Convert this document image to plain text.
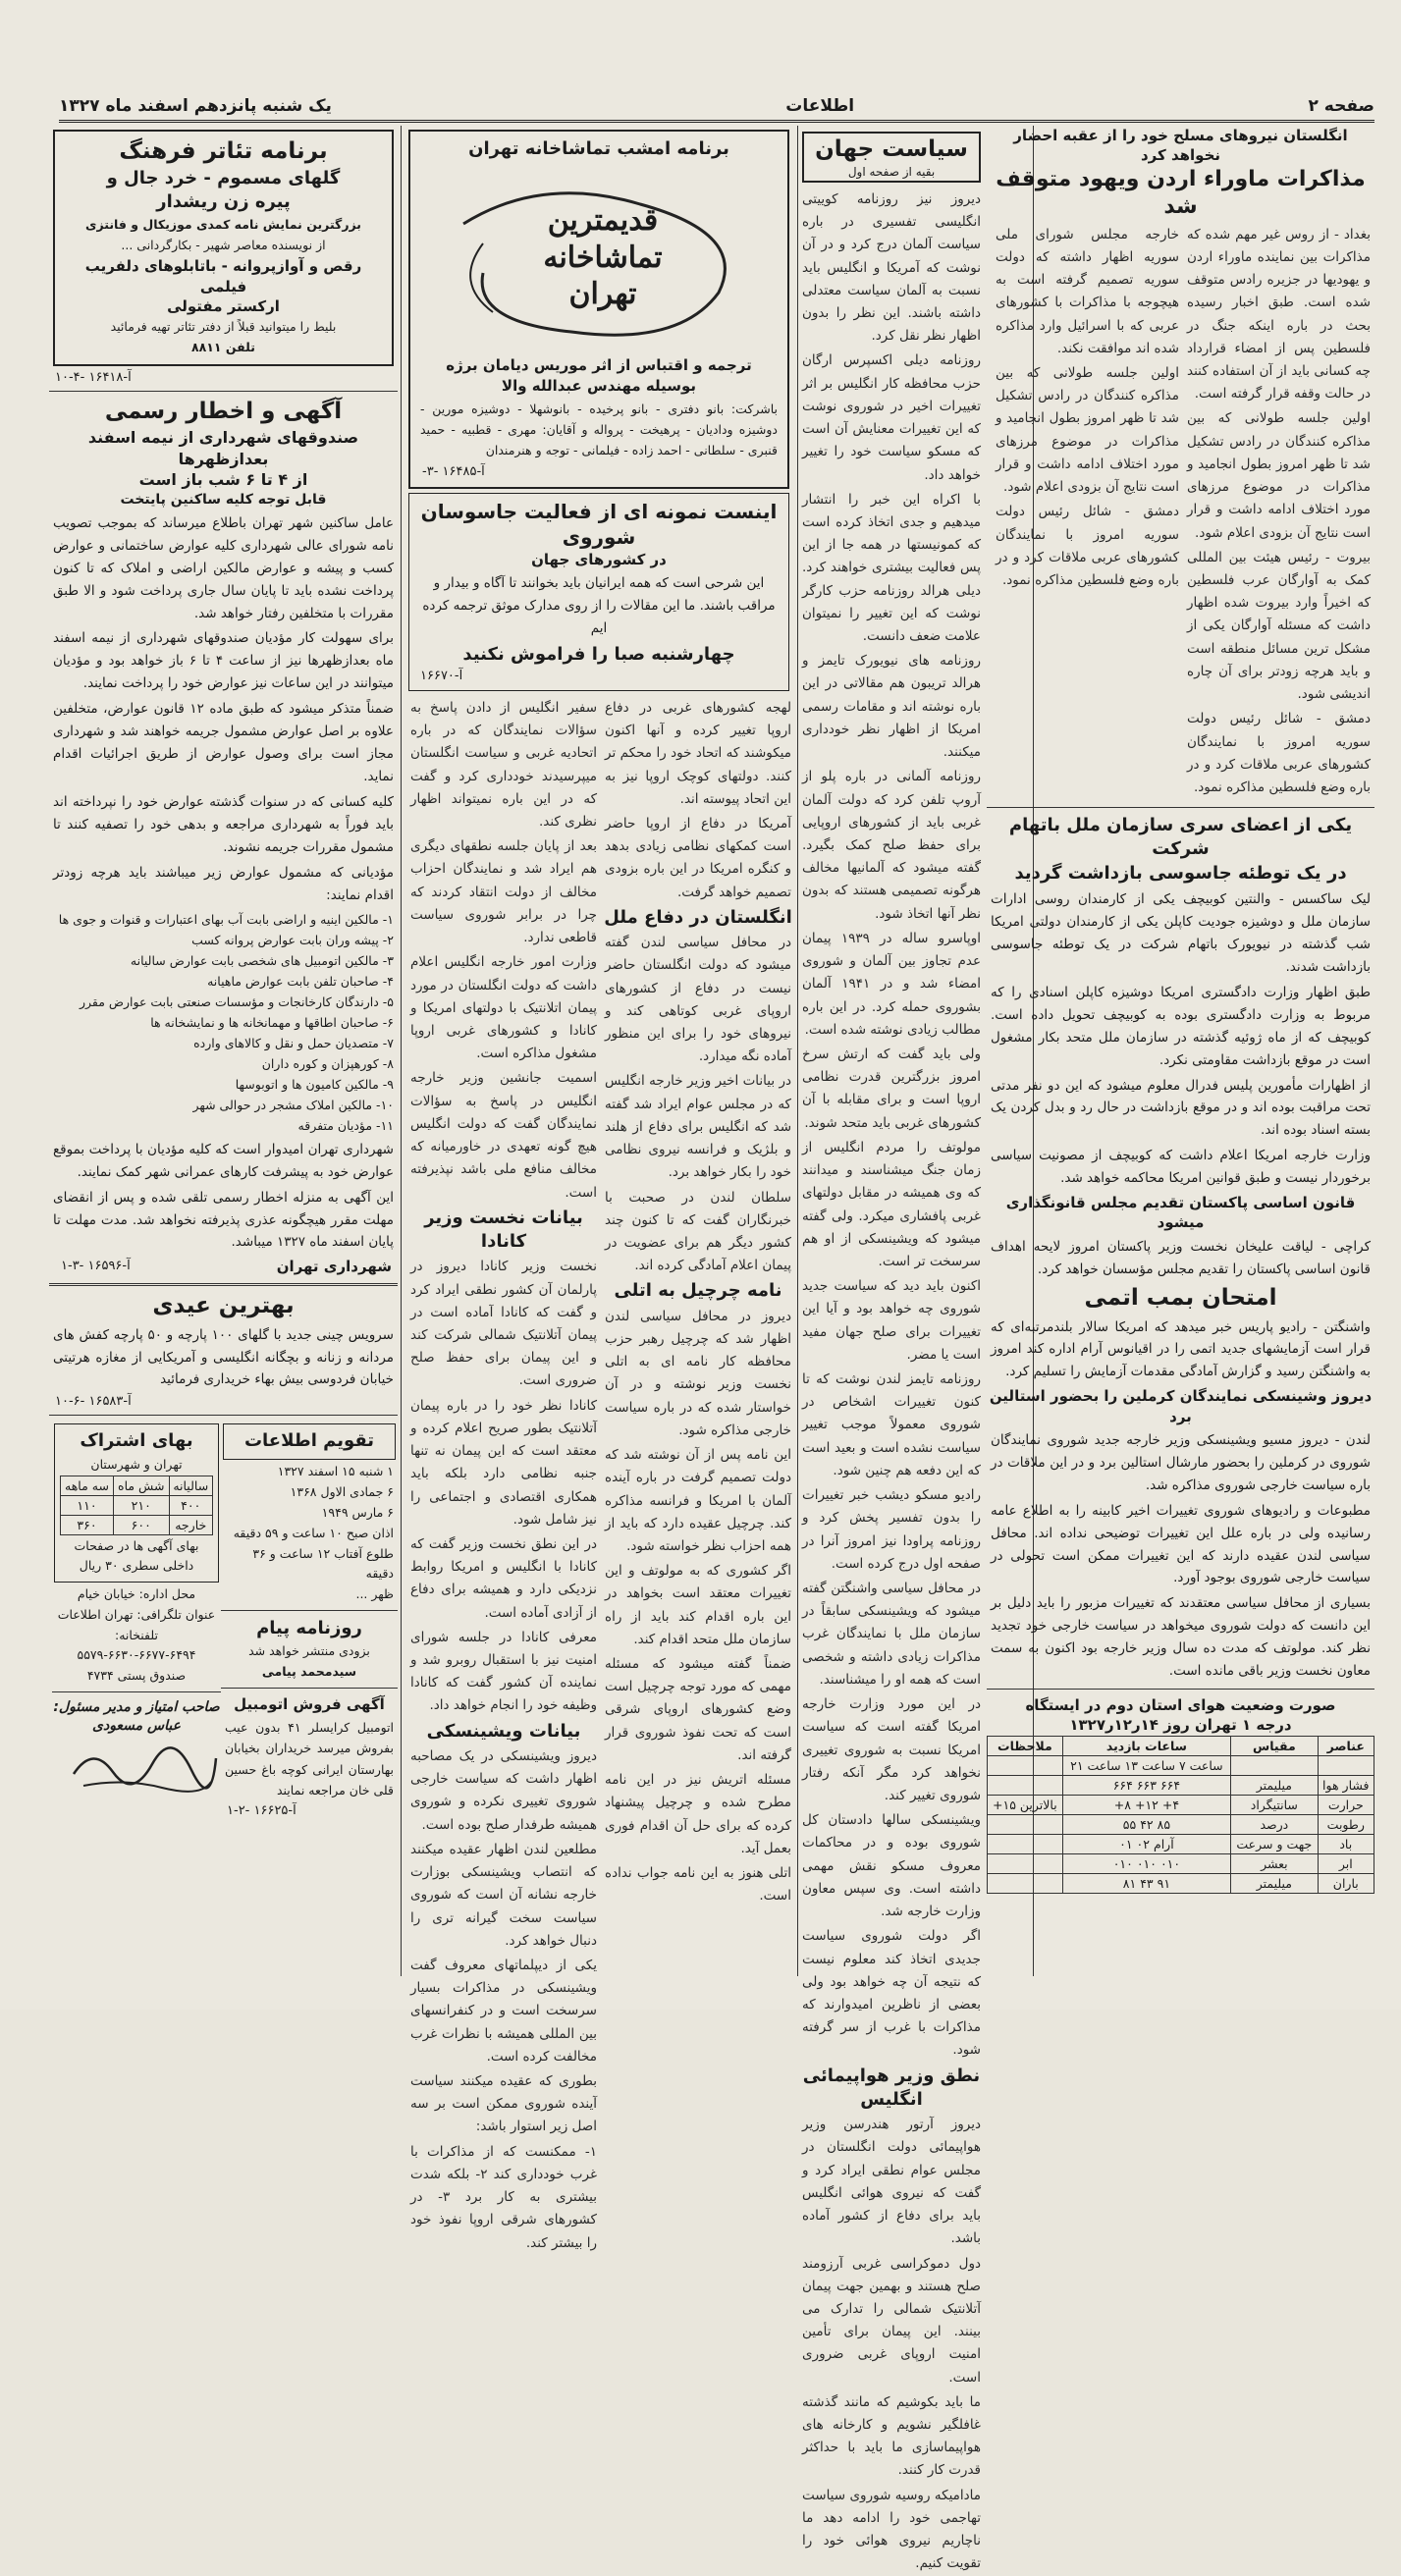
صفحه ۲
اطلاعات
یک شنبه پانزدهم اسفند ماه ۱۳۲۷
انگلستان نیروهای مسلح خود را از عقبه احضار نخواهد کرد
مذاکرات ماوراء اردن ویهود متوقف شد

بغداد - از روس غیر مهم شده که مذاکرات بین نماینده ماوراء اردن و یهودیها در جزیره رادس متوقف شده است. طبق اخبار رسیده بحث در باره اینکه جنگ در فلسطین پس از امضاء قرارداد چه کسانی باید از آن استفاده کنند در حالت وقفه قرار گرفته است.

اولین جلسه طولانی که بین مذاکره کنندگان در رادس تشکیل شد تا ظهر امروز بطول انجامید و مذاکرات در موضوع مرزهای مورد اختلاف ادامه داشت و قرار است نتایج آن بزودی اعلام شود.

بیروت - رئیس هیئت بین المللی کمک به آوارگان عرب فلسطین که اخیراً وارد بیروت شده اظهار داشت که مسئله آوارگان یکی از مشکل ترین مسائل منطقه است و باید هرچه زودتر برای آن چاره اندیشی شود.

دمشق - شائل رئیس دولت سوریه امروز با نمایندگان کشورهای عربی ملاقات کرد و در باره وضع فلسطین مذاکره نمود.

خارجه مجلس شورای ملی سوریه اظهار داشته که دولت سوریه تصمیم گرفته است به هیچوجه با مذاکرات با کشورهای عربی که با اسرائیل وارد مذاکره شده اند موافقت نکند.

اولین جلسه طولانی که بین مذاکره کنندگان در رادس تشکیل شد تا ظهر امروز بطول انجامید و مذاکرات در موضوع مرزهای مورد اختلاف ادامه داشت و قرار است نتایج آن بزودی اعلام شود.

دمشق - شائل رئیس دولت سوریه امروز با نمایندگان کشورهای عربی ملاقات کرد و در باره وضع فلسطین مذاکره نمود.

یکی از اعضای سری سازمان ملل باتهام شرکت
در یک توطئه جاسوسی بازداشت گردید

لیک ساکسس - والنتین کوبیچف یکی از کارمندان روسی ادارات سازمان ملل و دوشیزه جودیت کاپلن یکی از کارمندان دولتی امریکا شب گذشته در نیویورک باتهام شرکت در یک توطئه جاسوسی بازداشت شدند.

طبق اظهار وزارت دادگستری امریکا دوشیزه کاپلن اسنادی را که مربوط به وزارت دادگستری بوده به کوبیچف تحویل داده است. کوبیچف که از ماه ژوئیه گذشته در سازمان ملل متحد بکار مشغول است در موقع بازداشت مقاومتی نکرد.

از اظهارات مأمورین پلیس فدرال معلوم میشود که این دو نفر مدتی تحت مراقبت بوده اند و در موقع بازداشت در حال رد و بدل کردن یک بسته اسناد بوده اند.

وزارت خارجه امریکا اعلام داشت که کوبیچف از مصونیت سیاسی برخوردار نیست و طبق قوانین امریکا محاکمه خواهد شد.

قانون اساسی پاکستان تقدیم مجلس قانونگذاری میشود

کراچی - لیاقت علیخان نخست وزیر پاکستان امروز لایحه اهداف قانون اساسی پاکستان را تقدیم مجلس مؤسسان خواهد کرد.

امتحان بمب اتمی

واشنگتن - رادیو پاریس خبر میدهد که امریکا سالار بلندمرتبه‌ای که قرار است آزمایشهای جدید اتمی را در اقیانوس آرام اداره کند امروز به واشنگتن رسید و گزارش آمادگی مقدمات آزمایش را تسلیم کرد.

دیروز وشینسکی نمایندگان کرملین را بحضور استالین برد

لندن - دیروز مسیو ویشینسکی وزیر خارجه جدید شوروی نمایندگان شوروی در کرملین را بحضور مارشال استالین برد و در این ملاقات در باره سیاست خارجی شوروی مذاکره شد.

مطبوعات و رادیوهای شوروی تغییرات اخیر کابینه را به اطلاع عامه رسانیده ولی در باره علل این تغییرات توضیحی نداده اند. محافل سیاسی لندن عقیده دارند که این تغییرات ممکن است تحولی در سیاست خارجی شوروی بوجود آورد.

بسیاری از محافل سیاسی معتقدند که تغییرات مزبور را باید دلیل بر این دانست که دولت شوروی میخواهد در سیاست خارجی خود تجدید نظر کند. مولوتف که مدت ده سال وزیر خارجه بود اکنون به سمت معاون نخست وزیر باقی مانده است.

صورت وضعیت هوای استان دوم در ایستگاه
درجه ۱ تهران روز ۱۴ر۱۲ر۱۳۲۷
عناصر	مقیاس	ساعات بازدید	ملاحظات
		ساعت ۷ ساعت ۱۳ ساعت ۲۱	
فشار هوا	میلیمتر	۶۶۴ ۶۶۳ ۶۶۴	
حرارت	سانتیگراد	۴+ ۱۲+ ۸+	بالاترین ۱۵+
رطوبت	درصد	۸۵ ۴۲ ۵۵	
باد	جهت و سرعت	آرام ۰۲ ۰۱	
ابر	بعشر	۰۱۰ ۰۱۰ ۰۱۰	
باران	میلیمتر	۹۱ ۴۳ ۸۱	
سیاست جهان
بقیه از صفحه اول

دیروز نیز روزنامه کوییتی انگلیسی تفسیری در باره سیاست آلمان درج کرد و در آن نوشت که آمریکا و انگلیس باید نسبت به آلمان سیاست معتدلی داشته باشند. این نظر را بدون اظهار نظر نقل کرد.

روزنامه دیلی اکسپرس ارگان حزب محافظه کار انگلیس بر اثر تغییرات اخیر در شوروی نوشت که این تغییرات معنایش آن است که مسکو سیاست خود را تغییر خواهد داد.

با اکراه این خبر را انتشار میدهیم و جدی اتخاذ کرده است که کمونیستها در همه جا از این پس فعالیت بیشتری خواهند کرد. دیلی هرالد روزنامه حزب کارگر نوشت که این تغییر را نمیتوان علامت ضعف دانست.

روزنامه های نیویورک تایمز و هرالد تریبون هم مقالاتی در این باره نوشته اند و مقامات رسمی امریکا از اظهار نظر خودداری میکنند.

روزنامه آلمانی در باره پلو از آروپ تلفن کرد که دولت آلمان غربی باید از کشورهای اروپایی برای حفظ صلح کمک بگیرد. گفته میشود که آلمانیها مخالف هرگونه تصمیمی هستند که بدون نظر آنها اتخاذ شود.

اوپاسرو ساله در ۱۹۳۹ پیمان عدم تجاوز بین آلمان و شوروی امضاء شد و در ۱۹۴۱ آلمان بشوروی حمله کرد. در این باره مطالب زیادی نوشته شده است.

ولی باید گفت که ارتش سرخ امروز بزرگترین قدرت نظامی اروپا است و برای مقابله با آن کشورهای غربی باید متحد شوند.

مولوتف را مردم انگلیس از زمان جنگ میشناسند و میدانند که وی همیشه در مقابل دولتهای غربی پافشاری میکرد. ولی گفته میشود که ویشینسکی از او هم سرسخت تر است.

اکنون باید دید که سیاست جدید شوروی چه خواهد بود و آیا این تغییرات برای صلح جهان مفید است یا مضر.

روزنامه تایمز لندن نوشت که تا کنون تغییرات اشخاص در شوروی معمولاً موجب تغییر سیاست نشده است و بعید است که این دفعه هم چنین شود.

رادیو مسکو دیشب خبر تغییرات را بدون تفسیر پخش کرد و روزنامه پراودا نیز امروز آنرا در صفحه اول درج کرده است.

در محافل سیاسی واشنگتن گفته میشود که ویشینسکی سابقاً در سازمان ملل با نمایندگان غرب مذاکرات زیادی داشته و شخصی است که همه او را میشناسند.

در این مورد وزارت خارجه امریکا گفته است که سیاست امریکا نسبت به شوروی تغییری نخواهد کرد مگر آنکه رفتار شوروی تغییر کند.

ویشینسکی سالها دادستان کل شوروی بوده و در محاکمات معروف مسکو نقش مهمی داشته است. وی سپس معاون وزارت خارجه شد.

اگر دولت شوروی سیاست جدیدی اتخاذ کند معلوم نیست که نتیجه آن چه خواهد بود ولی بعضی از ناظرین امیدوارند که مذاکرات با غرب از سر گرفته شود.

نطق وزیر هواپیمائی انگلیس

دیروز آرتور هندرسن وزیر هواپیمائی دولت انگلستان در مجلس عوام نطقی ایراد کرد و گفت که نیروی هوائی انگلیس باید برای دفاع از کشور آماده باشد.

دول دموکراسی غربی آرزومند صلح هستند و بهمین جهت پیمان آتلانتیک شمالی را تدارک می بینند. این پیمان برای تأمین امنیت اروپای غربی ضروری است.

ما باید بکوشیم که مانند گذشته غافلگیر نشویم و کارخانه های هواپیماسازی ما باید با حداکثر قدرت کار کنند.

ماداميكه روسيه شوروی سياست تهاجمی خود را ادامه دهد ما ناچاريم نيروی هوائی خود را تقويت كنيم.

برنامه امشب تماشاخانه تهران
قدیمترین
تماشاخانه
تهران
ترجمه و اقتباس از اثر موریس دیامان برژه
بوسیله مهندس عبدالله والا

باشرکت: بانو دفتری - بانو پرخیده - بانوشهلا - دوشیزه مورین - دوشیزه وداديان - پرهيخت - پرواله و آقايان: مهری - قطبيه - حميد قنبری - سلطانی - احمد زاده - فیلمانی - توجه و هنرمندان

آ-۱۶۴۸۵ -۳-
اینست نمونه ای از فعالیت جاسوسان شوروی
در کشورهای جهان

این شرحی است که همه ایرانیان باید بخوانند تا آگاه و بیدار و مراقب باشند. ما این مقالات را از روی مدارک موثق ترجمه کرده ایم

چهارشنبه صبا را فراموش نکنید
آ-۱۶۶۷۰

لهجه کشورهای غربی در دفاع اروپا تغییر کرده و آنها اکنون میکوشند که اتحاد خود را محکم تر کنند. دولتهای کوچک اروپا نیز به این اتحاد پیوسته اند.

آمریکا در دفاع از اروپا حاضر است کمکهای نظامی زیادی بدهد و کنگره امریکا در این باره بزودی تصمیم خواهد گرفت.

انگلستان در دفاع ملل

در محافل سیاسی لندن گفته میشود که دولت انگلستان حاضر نیست در دفاع از کشورهای اروپای غربی کوتاهی کند و نیروهای خود را برای این منظور آماده نگه میدارد.

در بیانات اخیر وزیر خارجه انگلیس که در مجلس عوام ایراد شد گفته شد که انگلیس برای دفاع از هلند و بلژیک و فرانسه نیروی نظامی خود را بکار خواهد برد.

سلطان لندن در صحبت با خبرنگاران گفت که تا کنون چند کشور دیگر هم برای عضویت در پیمان اعلام آمادگی کرده اند.

نامه چرچیل به اتلی

دیروز در محافل سیاسی لندن اظهار شد که چرچیل رهبر حزب محافظه کار نامه ای به اتلی نخست وزیر نوشته و در آن خواستار شده که در باره سیاست خارجی مذاکره شود.

این نامه پس از آن نوشته شد که دولت تصمیم گرفت در باره آینده آلمان با امریکا و فرانسه مذاکره کند. چرچیل عقیده دارد که باید از همه احزاب نظر خواسته شود.

اگر کشوری که به مولوتف و این تغییرات معتقد است بخواهد در این باره اقدام کند باید از راه سازمان ملل متحد اقدام کند.

ضمناً گفته میشود که مسئله مهمی که مورد توجه چرچیل است وضع کشورهای اروپای شرقی است که تحت نفوذ شوروی قرار گرفته اند.

مسئله اتریش نیز در این نامه مطرح شده و چرچیل پیشنهاد کرده که برای حل آن اقدام فوری بعمل آید.

اتلی هنوز به این نامه جواب نداده است.

سفیر انگلیس از دادن پاسخ به سؤالات نمایندگان که در باره اتحادیه غربی و سیاست انگلستان میپرسیدند خودداری کرد و گفت که در این باره نمیتواند اظهار نظری کند.

بعد از پایان جلسه نطقهای دیگری هم ایراد شد و نمایندگان احزاب مخالف از دولت انتقاد کردند که چرا در برابر شوروی سیاست قاطعی ندارد.

وزارت امور خارجه انگلیس اعلام داشت که دولت انگلستان در مورد پیمان اتلانتیک با دولتهای امریکا و کانادا و کشورهای غربی اروپا مشغول مذاکره است.

اسمیت جانشین وزیر خارجه انگلیس در پاسخ به سؤالات نمایندگان گفت که دولت انگلیس هیچ گونه تعهدی در خاورمیانه که مخالف منافع ملی باشد نپذیرفته است.

بیانات نخست وزیر کانادا

نخست وزیر کانادا دیروز در پارلمان آن کشور نطقی ایراد کرد و گفت که کانادا آماده است در پیمان آتلانتیک شمالی شرکت کند و این پیمان برای حفظ صلح ضروری است.

کانادا نظر خود را در باره پیمان آتلانتیک بطور صریح اعلام کرده و معتقد است که این پیمان نه تنها جنبه نظامی دارد بلکه باید همکاری اقتصادی و اجتماعی را نیز شامل شود.

در این نطق نخست وزیر گفت که کانادا با انگلیس و امریکا روابط نزدیکی دارد و همیشه برای دفاع از آزادی آماده است.

معرفی کانادا در جلسه شورای امنیت نیز با استقبال روبرو شد و نماینده آن کشور گفت که کانادا وظیفه خود را انجام خواهد داد.

بیانات ویشینسکی

دیروز ویشینسکی در یک مصاحبه اظهار داشت که سیاست خارجی شوروی تغییری نکرده و شوروی همیشه طرفدار صلح بوده است.

مطلعین لندن اظهار عقیده میکنند که انتصاب ویشینسکی بوزارت خارجه نشانه آن است که شوروی سیاست سخت گیرانه تری را دنبال خواهد کرد.

یکی از دیپلماتهای معروف گفت ویشینسکی در مذاکرات بسیار سرسخت است و در کنفرانسهای بین المللی همیشه با نظرات غرب مخالفت کرده است.

بطوری که عقیده میکنند سیاست آینده شوروی ممکن است بر سه اصل زیر استوار باشد:

۱- ممکنست که از مذاکرات با غرب خودداری کند ۲- بلکه شدت بیشتری به کار برد ۳- در کشورهای شرقی اروپا نفوذ خود را بیشتر کند.

برنامه تئاتر فرهنگ
گلهای مسموم - خرد جال و
پیره زن ریشدار
بزرگترین نمایش نامه کمدی موزیکال و فانتزی
از نویسنده معاصر شهیر - بکارگردانی ...
رقص و آوازپروانه - باتابلوهای دلفریب فیلمی
ارکستر مفتولی
بلیط را میتوانید قبلاً از دفتر تئاتر تهیه فرمائید
تلفن ۸۸۱۱
آ-۱۶۴۱۸ -۴-۱۰
آگهی و اخطار رسمی
صندوقهای شهرداری از نیمه اسفند بعدازظهرها
از ۴ تا ۶ شب باز است
قابل توجه کلیه ساکنین پایتخت

عامل ساکنین شهر تهران باطلاع میرساند که بموجب تصویب نامه شورای عالی شهرداری کلیه عوارض ساختمانی و عوارض کسب و پیشه و عوارض مالکین اراضی و املاک که تا کنون پرداخت نشده باید تا پایان سال جاری پرداخت شود و الا طبق مقررات با متخلفین رفتار خواهد شد.

برای سهولت کار مؤدیان صندوقهای شهرداری از نیمه اسفند ماه بعدازظهرها نیز از ساعت ۴ تا ۶ باز خواهد بود و مؤدیان میتوانند در این ساعات نیز عوارض خود را پرداخت نمایند.

ضمناً متذکر میشود که طبق ماده ۱۲ قانون عوارض، متخلفین علاوه بر اصل عوارض مشمول جریمه خواهند شد و شهرداری مجاز است برای وصول عوارض از طریق اجرائیات اقدام نماید.

کلیه کسانی که در سنوات گذشته عوارض خود را نپرداخته اند باید فوراً به شهرداری مراجعه و بدهی خود را تصفیه کنند تا مشمول مقررات جریمه نشوند.

مؤدیانی که مشمول عوارض زیر میباشند باید هرچه زودتر اقدام نمایند:

۱- مالکین اینیه و اراضی بابت آب بهای اعتبارات و قنوات و جوی ها
۲- پیشه وران بابت عوارض پروانه کسب
۳- مالکین اتومبیل های شخصی بابت عوارض سالیانه
۴- صاحبان تلفن بابت عوارض ماهیانه
۵- دارندگان کارخانجات و مؤسسات صنعتی بابت عوارض مقرر
۶- صاحبان اطاقها و مهمانخانه ها و نمایشخانه ها
۷- متصدیان حمل و نقل و کالاهای وارده
۸- کورهپزان و کوره داران
۹- مالکین کامیون ها و اتوبوسها
۱۰- مالکین املاک مشجر در حوالی شهر
۱۱- مؤدیان متفرقه

شهرداری تهران امیدوار است که کلیه مؤدیان با پرداخت بموقع عوارض خود به پیشرفت کارهای عمرانی شهر کمک نمایند.

این آگهی به منزله اخطار رسمی تلقی شده و پس از انقضای مهلت مقرر هیچگونه عذری پذیرفته نخواهد شد. مدت مهلت تا پایان اسفند ماه ۱۳۲۷ میباشد.

شهرداری تهران
آ-۱۶۵۹۶ -۳-۱
بهترین عیدی

سرویس چینی جدید با گلهای ۱۰۰ پارچه و ۵۰ پارچه کفش های مردانه و زنانه و بچگانه انگلیسی و آمریکایی از مغازه هرتیتی خیابان فردوسی بیش بهاء خریداری فرمائید

آ-۱۶۵۸۳ -۶-۱۰
تقویم اطلاعات
۱ شنبه ۱۵ اسفند ۱۳۲۷
۶ جمادی الاول ۱۳۶۸
۶ مارس ۱۹۴۹
اذان صبح ۱۰ ساعت و ۵۹ دقیقه
طلوع آفتاب ۱۲ ساعت و ۳۶ دقیقه
ظهر ...
روزنامه پیام
بزودی منتشر خواهد شد
سیدمحمد پیامی
آگهی فروش اتومبیل

اتومبیل کرایسلر ۴۱ بدون عیب بفروش میرسد خریداران بخیابان بهارستان ایرانی کوچه باغ حسین قلی خان مراجعه نمایند

آ-۱۶۶۲۵ -۲-۱
بهای اشتراک
تهران و شهرستان
سالیانه	شش ماه	سه ماهه
۴۰۰	۲۱۰	۱۱۰
خارجه	۶۰۰	۳۶۰
بهای آگهی ها در صفحات داخلی سطری ۳۰ ریال
محل اداره: خیابان خیام
عنوان تلگرافی: تهران اطلاعات
تلفنخانه: ۶۴۹۴-۶۶۷۷-۶۶۳۰-۵۵۷۹
صندوق پستی ۴۷۳۴
صاحب امتیاز و مدیر مسئول: عباس مسعودی
